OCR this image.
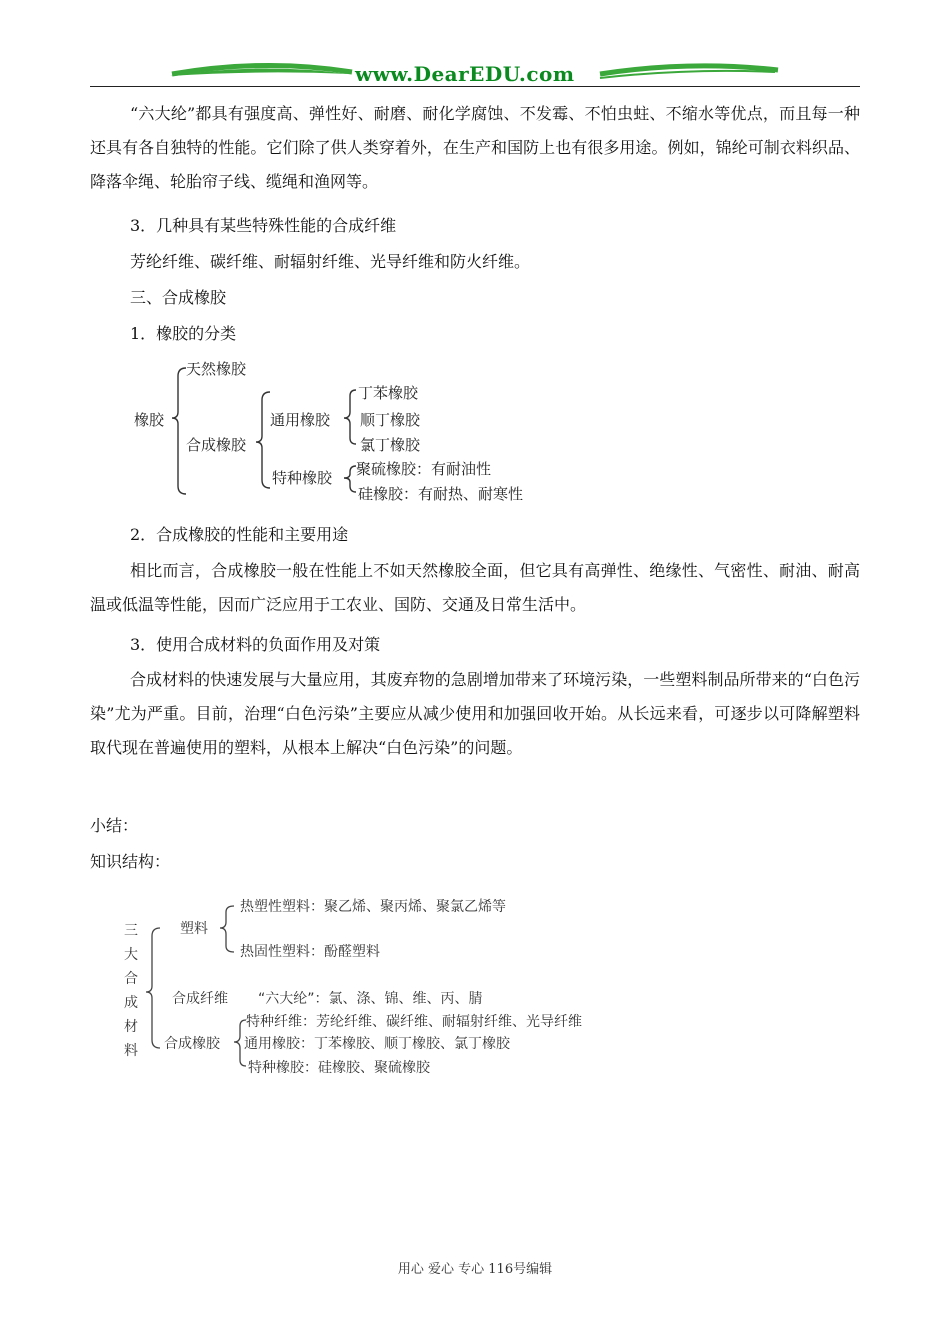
www.DearEDU.com

“六大纶”都具有强度高、弹性好、耐磨、耐化学腐蚀、不发霉、不怕虫蛀、不缩水等优点，而且每一种还具有各自独特的性能。它们除了供人类穿着外，在生产和国防上也有很多用途。例如，锦纶可制衣料织品、降落伞绳、轮胎帘子线、缆绳和渔网等。

3．几种具有某些特殊性能的合成纤维

芳纶纤维、碳纤维、耐辐射纤维、光导纤维和防火纤维。

三、合成橡胶

1．橡胶的分类

橡胶
天然橡胶
合成橡胶
通用橡胶
丁苯橡胶
顺丁橡胶
氯丁橡胶
特种橡胶 聚硫橡胶：有耐油性
硅橡胶：有耐热、耐寒性

2．合成橡胶的性能和主要用途

相比而言，合成橡胶一般在性能上不如天然橡胶全面，但它具有高弹性、绝缘性、气密性、耐油、耐高温或低温等性能，因而广泛应用于工农业、国防、交通及日常生活中。

3．使用合成材料的负面作用及对策

合成材料的快速发展与大量应用，其废弃物的急剧增加带来了环境污染，一些塑料制品所带来的“白色污染”尤为严重。目前，治理“白色污染”主要应从减少使用和加强回收开始。从长远来看，可逐步以可降解塑料取代现在普遍使用的塑料，从根本上解决“白色污染”的问题。

小结：

知识结构：

三
大
合
成
材
料
塑料
热塑性塑料：聚乙烯、聚丙烯、聚氯乙烯等
热固性塑料：酚醛塑料
合成纤维 “六大纶”：氯、涤、锦、维、丙、腈
合成橡胶
特种纤维：芳纶纤维、碳纤维、耐辐射纤维、光导纤维
通用橡胶：丁苯橡胶、顺丁橡胶、氯丁橡胶
特种橡胶：硅橡胶、聚硫橡胶
用心 爱心 专心 116号编辑
